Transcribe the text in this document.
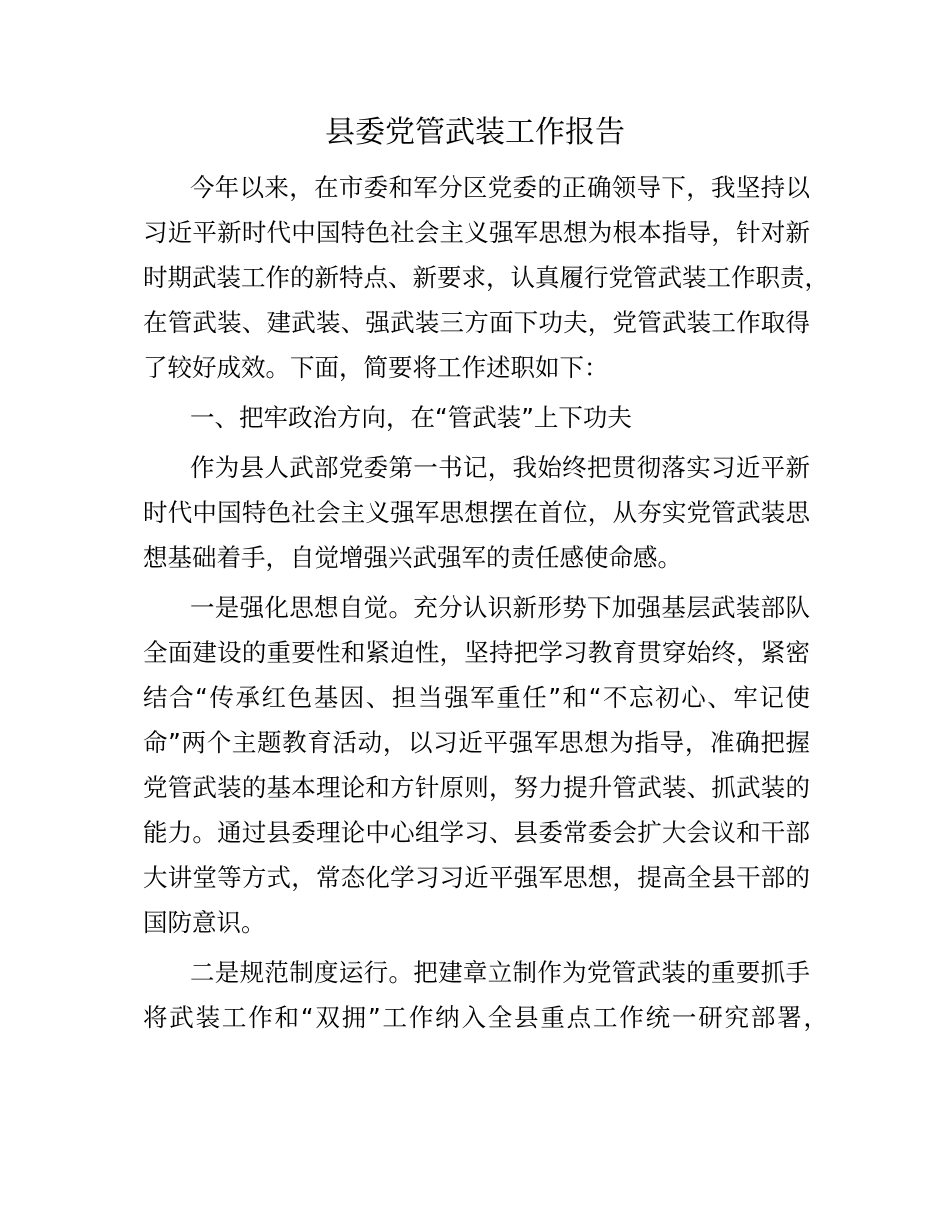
县委党管武装工作报告
今年以来，在市委和军分区党委的正确领导下，我坚持以
习近平新时代中国特色社会主义强军思想为根本指导，针对新
时期武装工作的新特点、新要求，认真履行党管武装工作职责，
在管武装、建武装、强武装三方面下功夫，党管武装工作取得
了较好成效。下面，简要将工作述职如下：
一、把牢政治方向，在“管武装”上下功夫
作为县人武部党委第一书记，我始终把贯彻落实习近平新
时代中国特色社会主义强军思想摆在首位，从夯实党管武装思
想基础着手，自觉增强兴武强军的责任感使命感。
一是强化思想自觉。充分认识新形势下加强基层武装部队
全面建设的重要性和紧迫性，坚持把学习教育贯穿始终，紧密
结合“传承红色基因、担当强军重任”和“不忘初心、牢记使
命”两个主题教育活动，以习近平强军思想为指导，准确把握
党管武装的基本理论和方针原则，努力提升管武装、抓武装的
能力。通过县委理论中心组学习、县委常委会扩大会议和干部
大讲堂等方式，常态化学习习近平强军思想，提高全县干部的
国防意识。
二是规范制度运行。把建章立制作为党管武装的重要抓手
将武装工作和“双拥”工作纳入全县重点工作统一研究部署，
